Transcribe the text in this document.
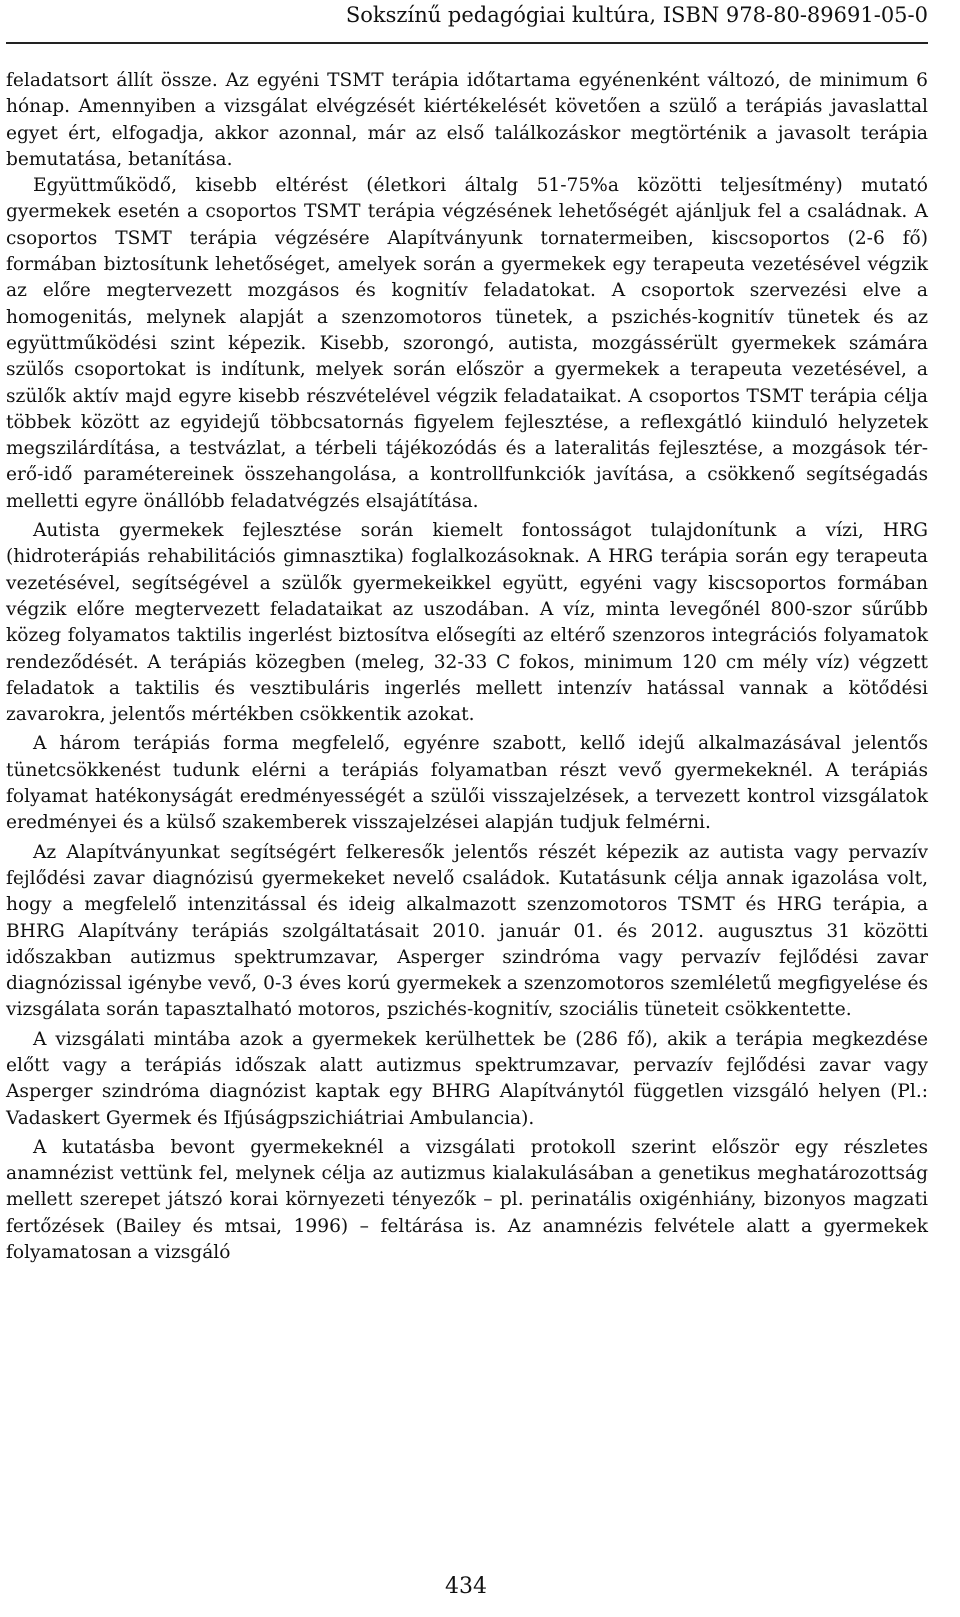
Sokszínű pedagógiai kultúra, ISBN 978-80-89691-05-0

feladatsort állít össze. Az egyéni TSMT terápia időtartama egyénenként változó, de minimum 6 hónap. Amennyiben a vizsgálat elvégzését kiértékelését követően a szülő a terápiás javaslattal egyet ért, elfogadja, akkor azonnal, már az első találkozáskor megtörténik a javasolt terápia bemutatása, betanítása.

Együttműködő, kisebb eltérést (életkori általg 51-75%a közötti teljesítmény) mutató gyermekek esetén a csoportos TSMT terápia végzésének lehetőségét ajánljuk fel a családnak. A csoportos TSMT terápia végzésére Alapítványunk tornatermeiben, kiscsoportos (2-6 fő) formában biztosítunk lehetőséget, amelyek során a gyermekek egy terapeuta vezetésével végzik az előre megtervezett mozgásos és kognitív feladatokat. A csoportok szervezési elve a homogenitás, melynek alapját a szenzomotoros tünetek, a pszichés-kognitív tünetek és az együttműködési szint képezik. Kisebb, szorongó, autista, mozgássérült gyermekek számára szülős csoportokat is indítunk, melyek során először a gyermekek a terapeuta vezetésével, a szülők aktív majd egyre kisebb részvételével végzik feladataikat. A csoportos TSMT terápia célja többek között az egyidejű többcsatornás figyelem fejlesztése, a reflexgátló kiinduló helyzetek megszilárdítása, a testvázlat, a térbeli tájékozódás és a lateralitás fejlesztése, a mozgások tér-erő-idő paramétereinek összehangolása, a kontrollfunkciók javítása, a csökkenő segítségadás melletti egyre önállóbb feladatvégzés elsajátítása.

Autista gyermekek fejlesztése során kiemelt fontosságot tulajdonítunk a vízi, HRG (hidroterápiás rehabilitációs gimnasztika) foglalkozásoknak. A HRG terápia során egy terapeuta vezetésével, segítségével a szülők gyermekeikkel együtt, egyéni vagy kiscsoportos formában végzik előre megtervezett feladataikat az uszodában. A víz, minta levegőnél 800-szor sűrűbb közeg folyamatos taktilis ingerlést biztosítva elősegíti az eltérő szenzoros integrációs folyamatok rendeződését. A terápiás közegben (meleg, 32-33 C fokos, minimum 120 cm mély víz) végzett feladatok a taktilis és vesztibuláris ingerlés mellett intenzív hatással vannak a kötődési zavarokra, jelentős mértékben csökkentik azokat.

A három terápiás forma megfelelő, egyénre szabott, kellő idejű alkalmazásával jelentős tünetcsökkenést tudunk elérni a terápiás folyamatban részt vevő gyermekeknél. A terápiás folyamat hatékonyságát eredményességét a szülői visszajelzések, a tervezett kontrol vizsgálatok eredményei és a külső szakemberek visszajelzései alapján tudjuk felmérni.

Az Alapítványunkat segítségért felkeresők jelentős részét képezik az autista vagy pervazív fejlődési zavar diagnózisú gyermekeket nevelő családok. Kutatásunk célja annak igazolása volt, hogy a megfelelő intenzitással és ideig alkalmazott szenzomotoros TSMT és HRG terápia, a BHRG Alapítvány terápiás szolgáltatásait 2010. január 01. és 2012. augusztus 31 közötti időszakban autizmus spektrumzavar, Asperger szindróma vagy pervazív fejlődési zavar diagnózissal igénybe vevő, 0-3 éves korú gyermekek a szenzomotoros szemléletű megfigyelése és vizsgálata során tapasztalható motoros, pszichés-kognitív, szociális tüneteit csökkentette.

A vizsgálati mintába azok a gyermekek kerülhettek be (286 fő), akik a terápia megkezdése előtt vagy a terápiás időszak alatt autizmus spektrumzavar, pervazív fejlődési zavar vagy Asperger szindróma diagnózist kaptak egy BHRG Alapítványtól független vizsgáló helyen (Pl.: Vadaskert Gyermek és Ifjúságpszichiátriai Ambulancia).

A kutatásba bevont gyermekeknél a vizsgálati protokoll szerint először egy részletes anamnézist vettünk fel, melynek célja az autizmus kialakulásában a genetikus meghatározottság mellett szerepet játszó korai környezeti tényezők – pl. perinatális oxigénhiány, bizonyos magzati fertőzések (Bailey és mtsai, 1996) – feltárása is. Az anamnézis felvétele alatt a gyermekek folyamatosan a vizsgáló

434
